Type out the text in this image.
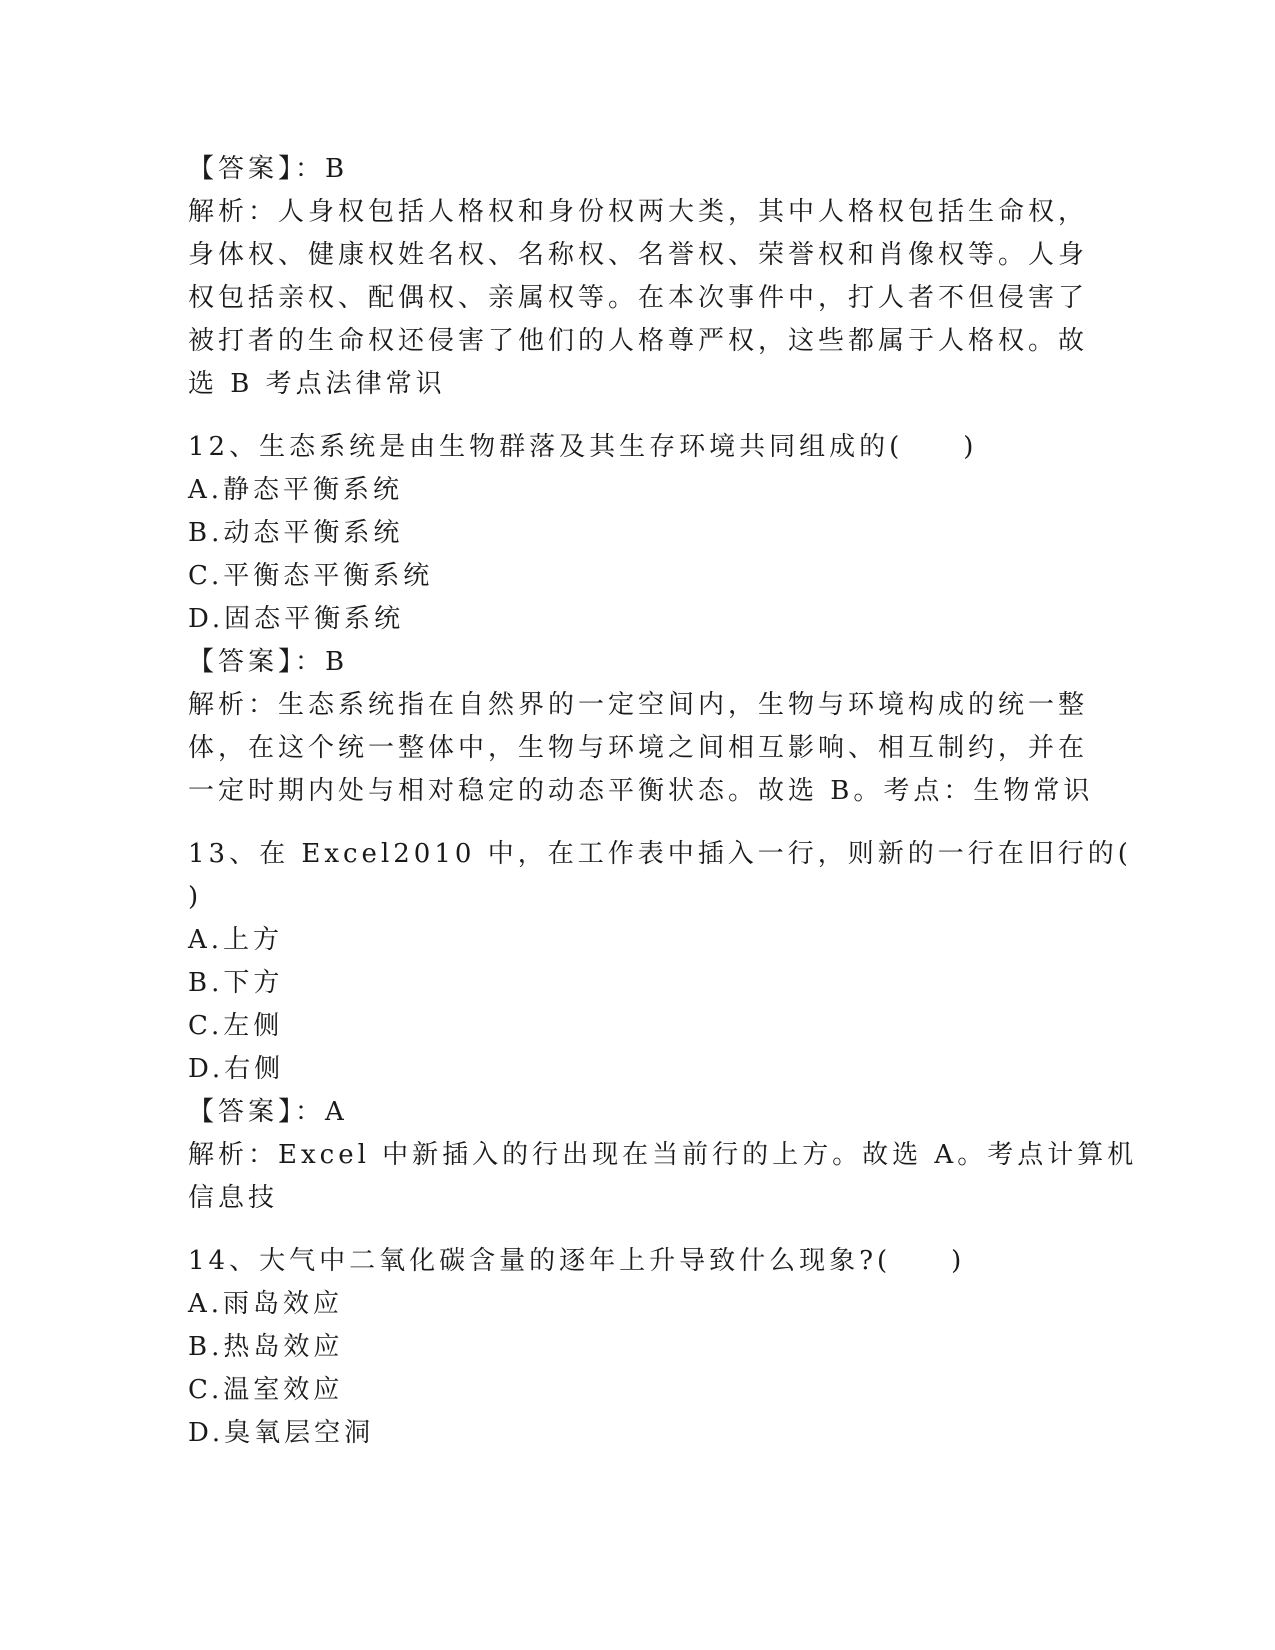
【答案】：B
解析：人身权包括人格权和身份权两大类，其中人格权包括生命权，
身体权、健康权姓名权、名称权、名誉权、荣誉权和肖像权等。人身
权包括亲权、配偶权、亲属权等。在本次事件中，打人者不但侵害了
被打者的生命权还侵害了他们的人格尊严权，这些都属于人格权。故
选 B 考点法律常识
12、生态系统是由生物群落及其生存环境共同组成的(　　)
A.静态平衡系统
B.动态平衡系统
C.平衡态平衡系统
D.固态平衡系统
【答案】：B
解析：生态系统指在自然界的一定空间内，生物与环境构成的统一整
体，在这个统一整体中，生物与环境之间相互影响、相互制约，并在
一定时期内处与相对稳定的动态平衡状态。故选 B。考点：生物常识
13、在 Excel2010 中，在工作表中插入一行，则新的一行在旧行的(
)
A.上方
B.下方
C.左侧
D.右侧
【答案】：A
解析：Excel 中新插入的行出现在当前行的上方。故选 A。考点计算机
信息技
14、大气中二氧化碳含量的逐年上升导致什么现象?(　　)
A.雨岛效应
B.热岛效应
C.温室效应
D.臭氧层空洞
